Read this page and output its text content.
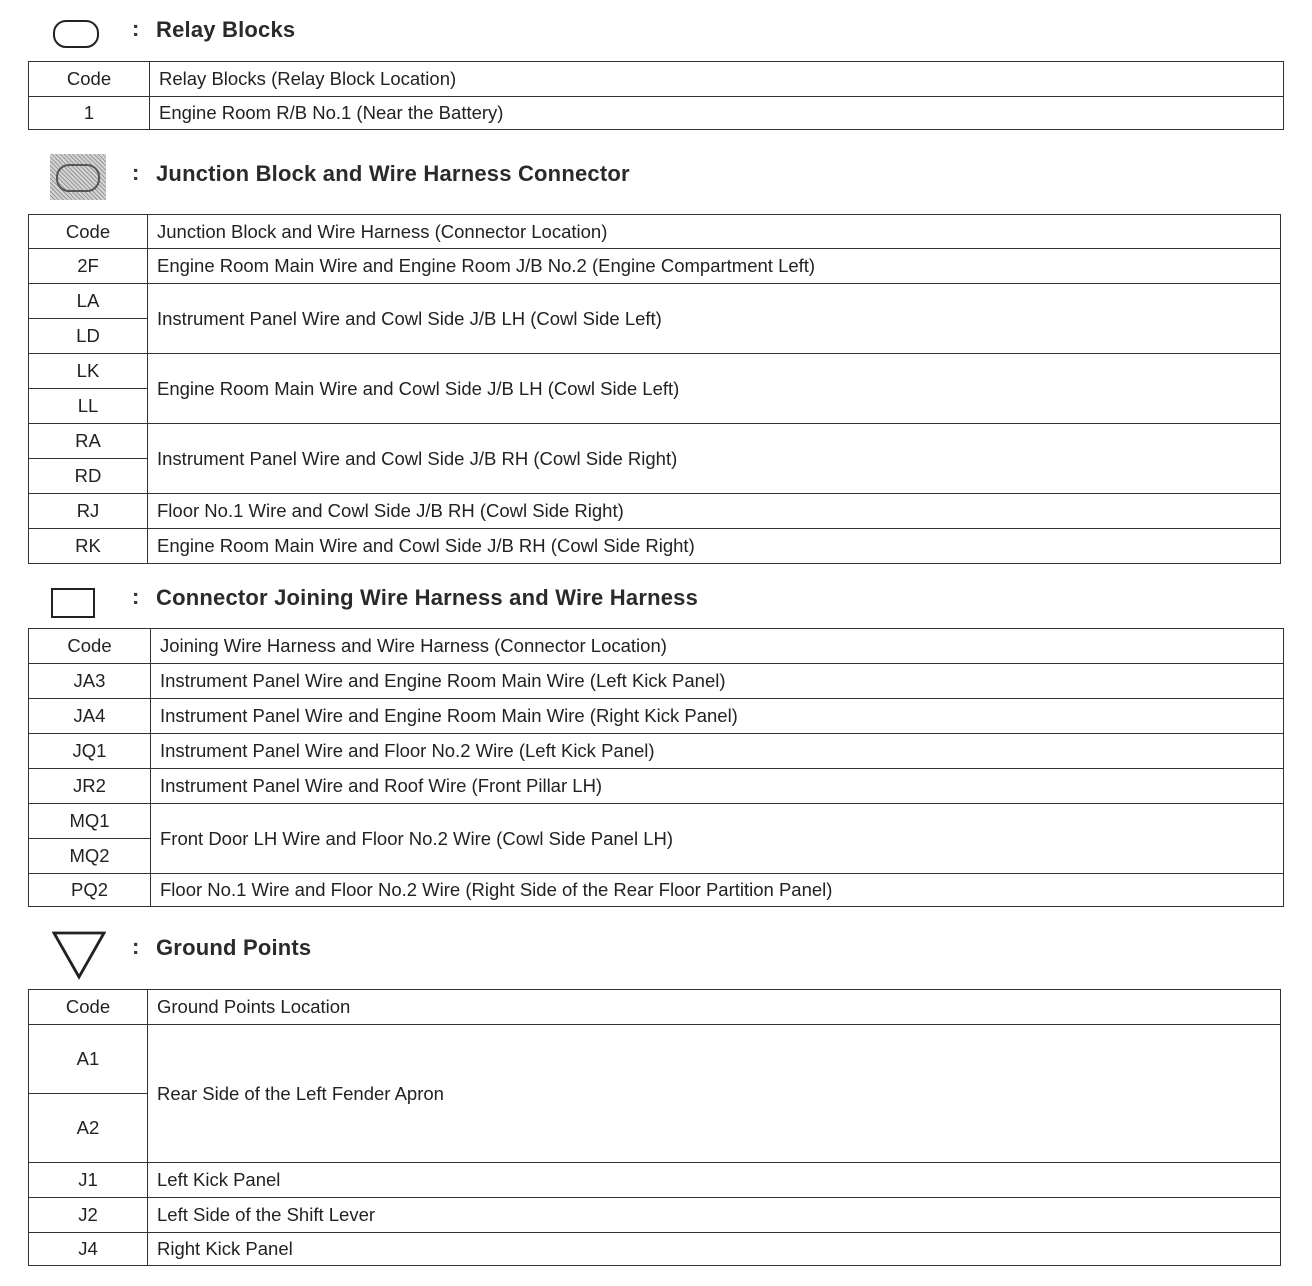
: Relay Blocks
Code	Relay Blocks (Relay Block Location)
1	Engine Room R/B No.1 (Near the Battery)
: Junction Block and Wire Harness Connector
Code	Junction Block and Wire Harness (Connector Location)
2F	Engine Room Main Wire and Engine Room J/B No.2 (Engine Compartment Left)
LA	Instrument Panel Wire and Cowl Side J/B LH (Cowl Side Left)
LD	
LK	Engine Room Main Wire and Cowl Side J/B LH (Cowl Side Left)
LL	
RA	Instrument Panel Wire and Cowl Side J/B RH (Cowl Side Right)
RD	
RJ	Floor No.1 Wire and Cowl Side J/B RH (Cowl Side Right)
RK	Engine Room Main Wire and Cowl Side J/B RH (Cowl Side Right)
: Connector Joining Wire Harness and Wire Harness
Code	Joining Wire Harness and Wire Harness (Connector Location)
JA3	Instrument Panel Wire and Engine Room Main Wire (Left Kick Panel)
JA4	Instrument Panel Wire and Engine Room Main Wire (Right Kick Panel)
JQ1	Instrument Panel Wire and Floor No.2 Wire (Left Kick Panel)
JR2	Instrument Panel Wire and Roof Wire (Front Pillar LH)
MQ1	Front Door LH Wire and Floor No.2 Wire (Cowl Side Panel LH)
MQ2	
PQ2	Floor No.1 Wire and Floor No.2 Wire (Right Side of the Rear Floor Partition Panel)
: Ground Points
Code	Ground Points Location
A1	Rear Side of the Left Fender Apron
A2	
J1	Left Kick Panel
J2	Left Side of the Shift Lever
J4	Right Kick Panel
